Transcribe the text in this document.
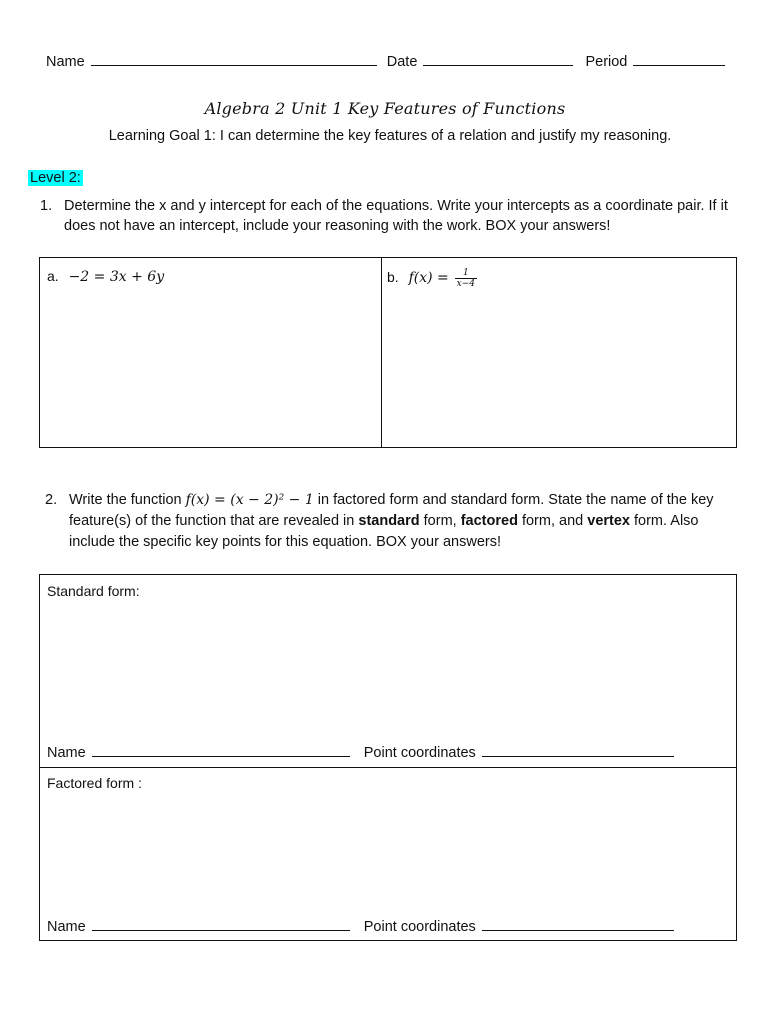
Name	Date	Period
Algebra 2 Unit 1 Key Features of Functions
Learning Goal 1: I can determine the key features of a relation and justify my reasoning.
Level 2:
1. Determine the x and y intercept for each of the equations. Write your intercepts as a coordinate pair. If it does not have an intercept, include your reasoning with the work. BOX your answers!
a. −2 = 3x + 6y	b. $f(x) = \frac{1}{x-4}$
2. Write the function f(x) = (x − 2)² − 1 in factored form and standard form. State the name of the key feature(s) of the function that are revealed in standard form, factored form, and vertex form. Also include the specific key points for this equation. BOX your answers!
Standard form:
Name	Point coordinates
Factored form :
Name	Point coordinates
